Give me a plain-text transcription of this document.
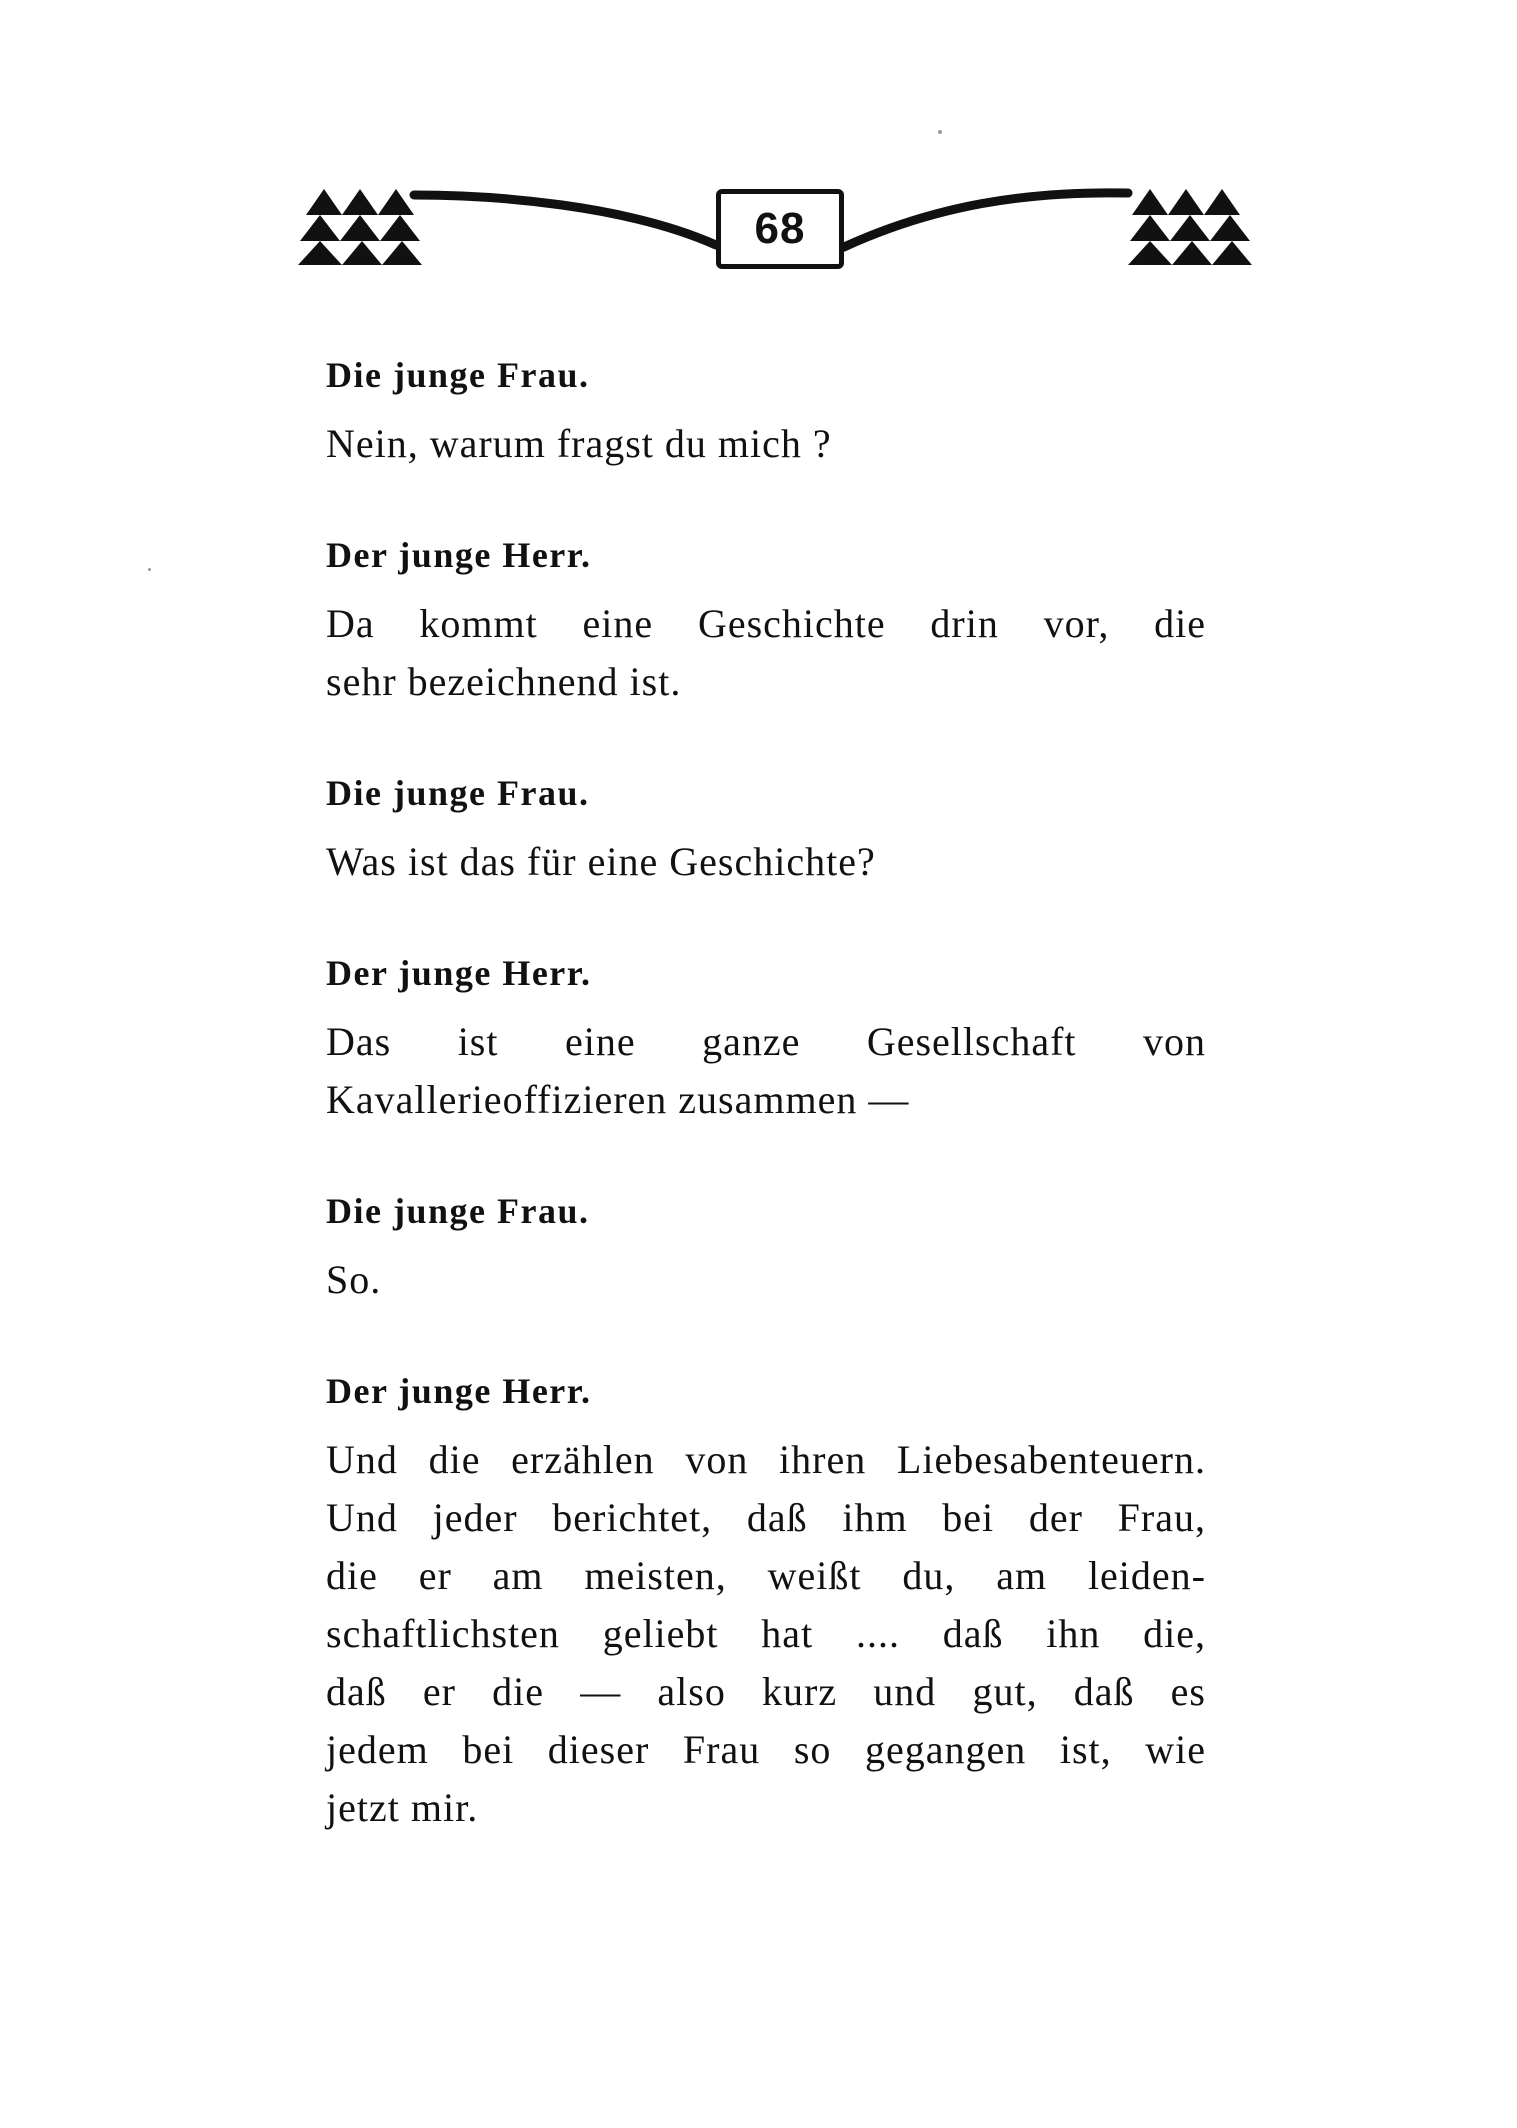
68

Die junge Frau.

Nein, warum fragst du mich ?

Der junge Herr.

Da kommt eine Geschichte drin vor, die

sehr bezeichnend ist.

Die junge Frau.

Was ist das für eine Geschichte?

Der junge Herr.

Das ist eine ganze Gesellschaft von

Kavallerieoffizieren zusammen —

Die junge Frau.

So.

Der junge Herr.

Und die erzählen von ihren Liebesabenteuern.

Und jeder berichtet, daß ihm bei der Frau,

die er am meisten, weißt du, am leiden-

schaftlichsten geliebt hat .... daß ihn die,

daß er die — also kurz und gut, daß es

jedem bei dieser Frau so gegangen ist, wie

jetzt mir.
